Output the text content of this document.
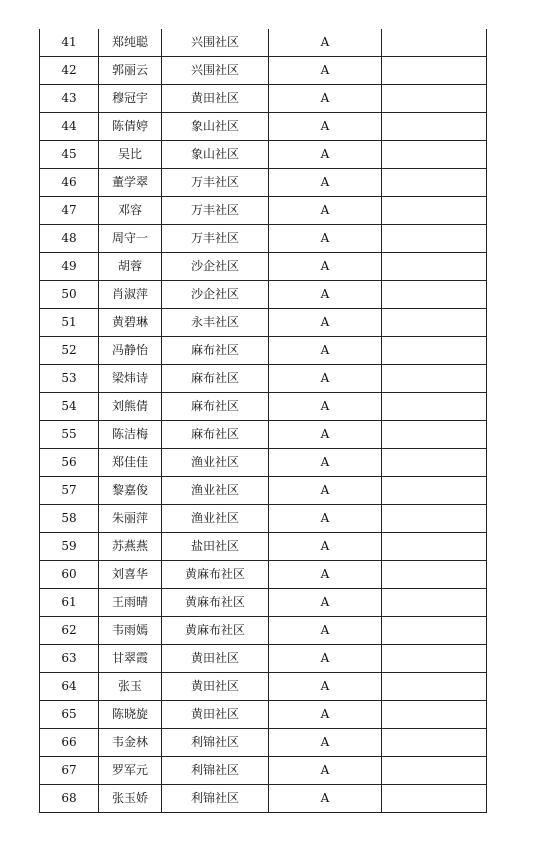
41	郑纯聪	兴围社区	A	
42	郭丽云	兴围社区	A	
43	穆冠宇	黄田社区	A	
44	陈倩婷	象山社区	A	
45	吴比	象山社区	A	
46	董学翠	万丰社区	A	
47	邓容	万丰社区	A	
48	周守一	万丰社区	A	
49	胡蓉	沙企社区	A	
50	肖淑萍	沙企社区	A	
51	黄碧琳	永丰社区	A	
52	冯静怡	麻布社区	A	
53	梁炜诗	麻布社区	A	
54	刘熊倩	麻布社区	A	
55	陈洁梅	麻布社区	A	
56	郑佳佳	渔业社区	A	
57	黎嘉俊	渔业社区	A	
58	朱丽萍	渔业社区	A	
59	苏燕燕	盐田社区	A	
60	刘喜华	黄麻布社区	A	
61	王雨晴	黄麻布社区	A	
62	韦雨嫣	黄麻布社区	A	
63	甘翠霞	黄田社区	A	
64	张玉	黄田社区	A	
65	陈晓旋	黄田社区	A	
66	韦金林	利锦社区	A	
67	罗军元	利锦社区	A	
68	张玉娇	利锦社区	A	
